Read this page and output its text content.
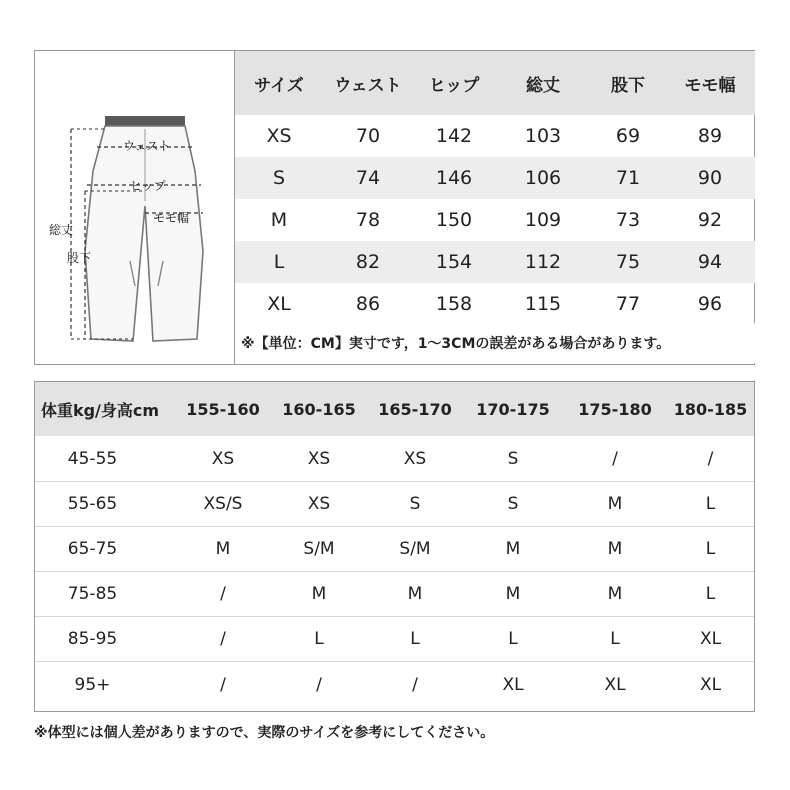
ウェスト
ヒップ
モモ幅
総丈
股下
サイズ	ウェスト	ヒップ	総丈	股下	モモ幅
XS	70	142	103	69	89
S	74	146	106	71	90
M	78	150	109	73	92
L	82	154	112	75	94
XL	86	158	115	77	96
※【単位：CM】実寸です，1〜3CMの誤差がある場合があります。
体重kg/身高cm	155-160	160-165	165-170	170-175	175-180	180-185
45-55	XS	XS	XS	S	/	/
55-65	XS/S	XS	S	S	M	L
65-75	M	S/M	S/M	M	M	L
75-85	/	M	M	M	M	L
85-95	/	L	L	L	L	XL
95+	/	/	/	XL	XL	XL
※体型には個人差がありますので、実際のサイズを参考にしてください。
